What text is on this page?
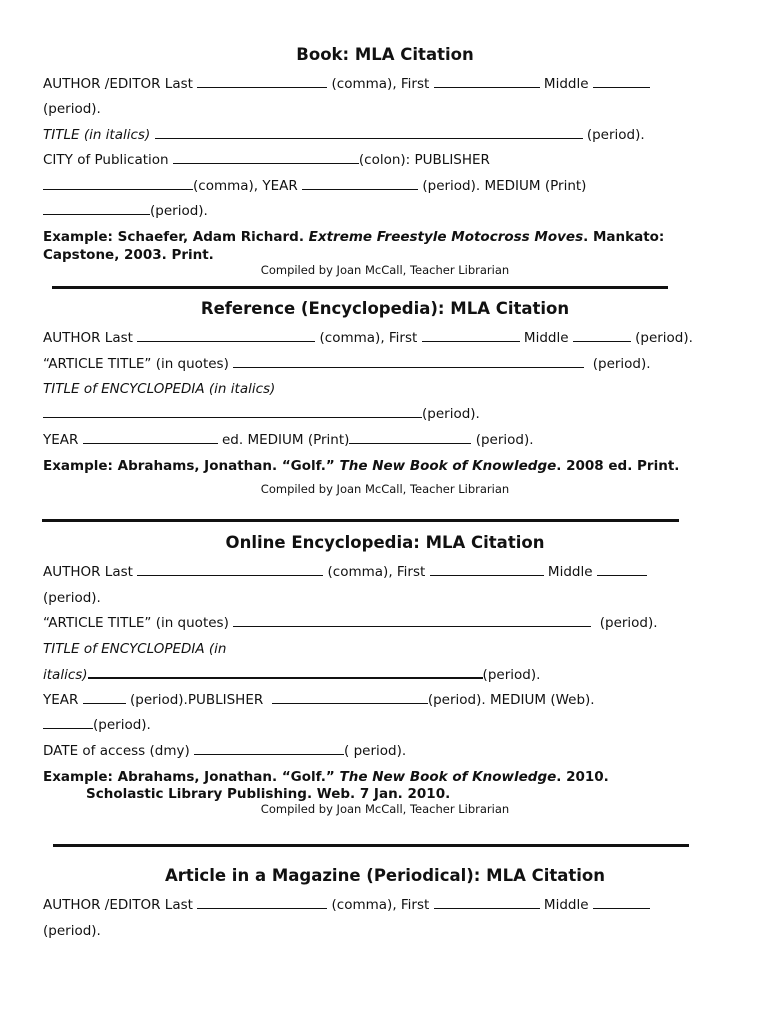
Book: MLA Citation
AUTHOR /EDITOR Last	(comma), First	Middle
(period).
TITLE (in italics)	(period).
CITY of Publication	(colon): PUBLISHER
(comma), YEAR	(period). MEDIUM (Print)
(period).
Example: Schaefer, Adam Richard. Extreme Freestyle Motocross Moves. Mankato:
Capstone, 2003. Print.
Compiled by Joan McCall, Teacher Librarian
Reference (Encyclopedia): MLA Citation
AUTHOR Last	(comma), First	Middle	(period).
“ARTICLE TITLE” (in quotes)	(period).
TITLE of ENCYCLOPEDIA (in italics)
(period).
YEAR	ed. MEDIUM (Print)	(period).
Example: Abrahams, Jonathan. “Golf.” The New Book of Knowledge. 2008 ed. Print.
Compiled by Joan McCall, Teacher Librarian
Online Encyclopedia: MLA Citation
AUTHOR Last	(comma), First	Middle
(period).
“ARTICLE TITLE” (in quotes)	(period).
TITLE of ENCYCLOPEDIA (in
italics)	(period).
YEAR	(period).PUBLISHER	(period). MEDIUM (Web).
(period).
DATE of access (dmy)	( period).
Example: Abrahams, Jonathan. “Golf.” The New Book of Knowledge. 2010.
Scholastic Library Publishing. Web. 7 Jan. 2010.
Compiled by Joan McCall, Teacher Librarian
Article in a Magazine (Periodical): MLA Citation
AUTHOR /EDITOR Last	(comma), First	Middle
(period).
